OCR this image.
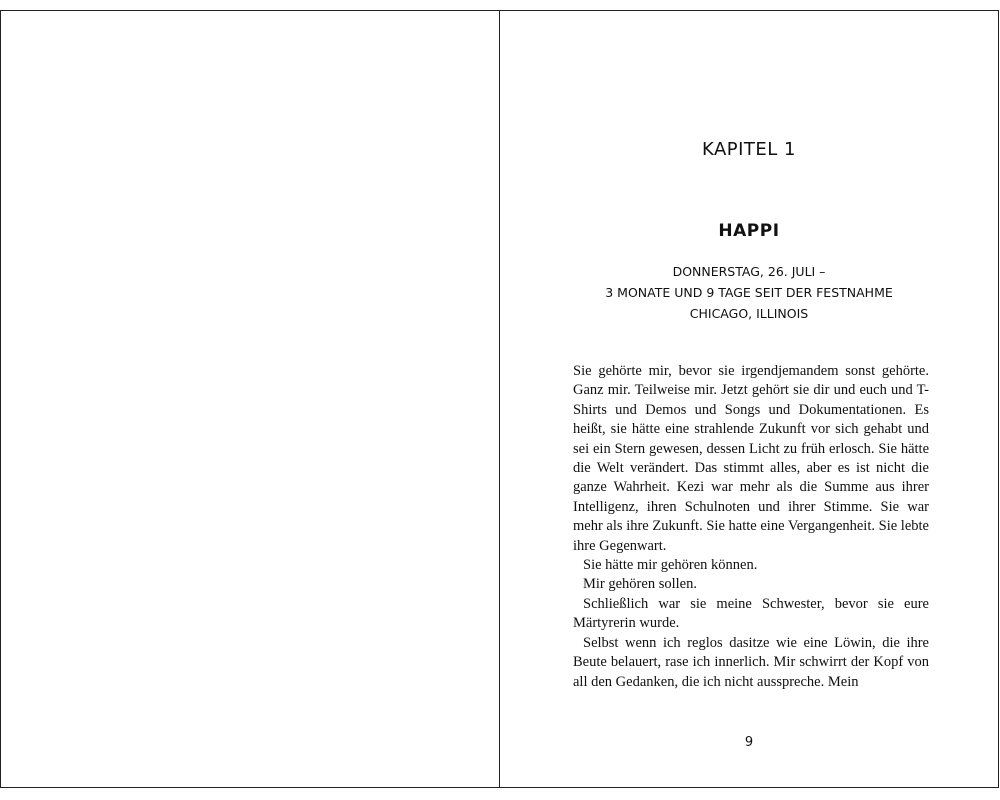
KAPITEL 1
HAPPI
DONNERSTAG, 26. JULI –
3 MONATE UND 9 TAGE SEIT DER FESTNAHME
CHICAGO, ILLINOIS

Sie gehörte mir, bevor sie irgendjemandem sonst gehörte. Ganz mir. Teilweise mir. Jetzt gehört sie dir und euch und T-Shirts und Demos und Songs und Dokumentationen. Es heißt, sie hätte eine strahlende Zukunft vor sich gehabt und sei ein Stern gewesen, dessen Licht zu früh erlosch. Sie hätte die Welt verändert. Das stimmt alles, aber es ist nicht die ganze Wahrheit. Kezi war mehr als die Summe aus ihrer Intelligenz, ihren Schulnoten und ihrer Stimme. Sie war mehr als ihre Zukunft. Sie hatte eine Vergangenheit. Sie lebte ihre Gegenwart.

Sie hätte mir gehören können.

Mir gehören sollen.

Schließlich war sie meine Schwester, bevor sie eure Märtyrerin wurde.

Selbst wenn ich reglos dasitze wie eine Löwin, die ihre Beute belauert, rase ich innerlich. Mir schwirrt der Kopf von all den Gedanken, die ich nicht ausspreche. Mein

9
